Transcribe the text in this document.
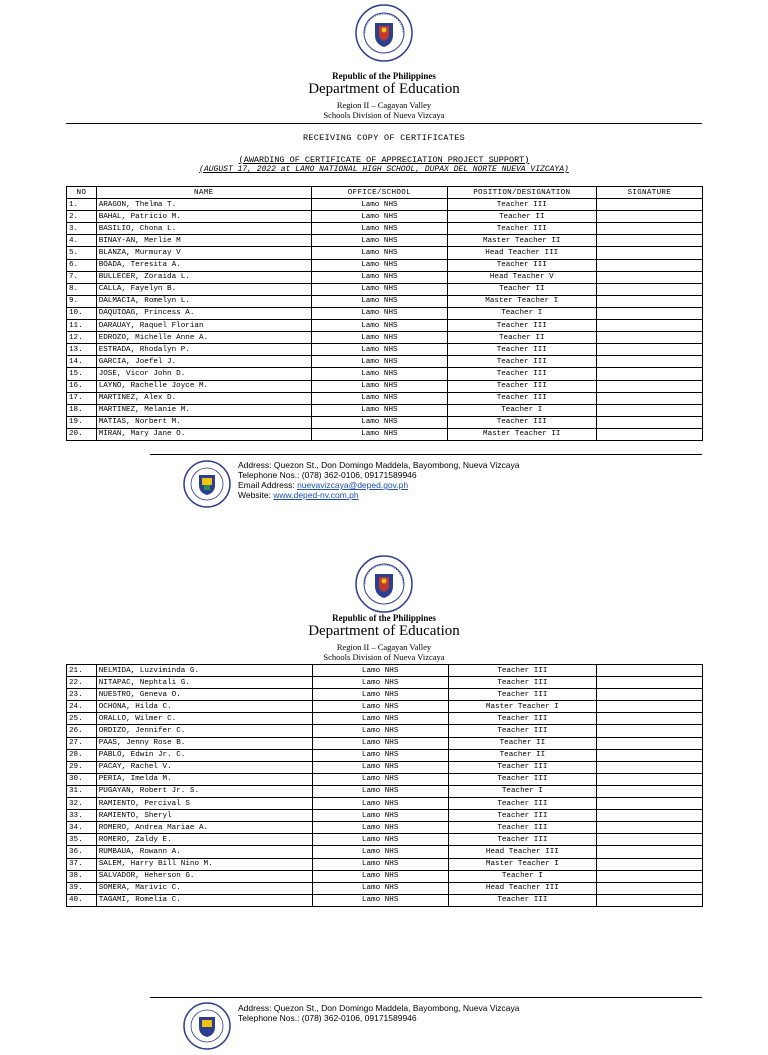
Republic of the Philippines
Department of Education
Region II – Cagayan Valley
Schools Division of Nueva Vizcaya
RECEIVING COPY OF CERTIFICATES
(AWARDING OF CERTIFICATE OF APPRECIATION PROJECT SUPPORT)
(AUGUST 17, 2022 at LAMO NATIONAL HIGH SCHOOL, DUPAX DEL NORTE NUEVA VIZCAYA)
NO	NAME	OFFICE/SCHOOL	POSITION/DESIGNATION	SIGNATURE
1.	ARAGON, Thelma T.	Lamo NHS	Teacher III	
2.	BAHAL, Patricio M.	Lamo NHS	Teacher II	
3.	BASILIO, Chona L.	Lamo NHS	Teacher III	
4.	BINAY-AN, Merlie M	Lamo NHS	Master Teacher II	
5.	BLANZA, Murmuray V	Lamo NHS	Head Teacher III	
6.	BOADA, Teresita A.	Lamo NHS	Teacher III	
7.	BULLECER, Zoraida L.	Lamo NHS	Head Teacher V	
8.	CALLA, Fayelyn B.	Lamo NHS	Teacher II	
9.	DALMACIA, Romelyn L.	Lamo NHS	Master Teacher I	
10.	DAQUIOAG, Princess A.	Lamo NHS	Teacher I	
11.	DARAUAY, Raquel Florian	Lamo NHS	Teacher III	
12.	EDROZO, Michelle Anne A.	Lamo NHS	Teacher II	
13.	ESTRADA, Rhodalyn P.	Lamo NHS	Teacher III	
14.	GARCIA, Joefel J.	Lamo NHS	Teacher III	
15.	JOSE, Vicor John D.	Lamo NHS	Teacher III	
16.	LAYNO, Rachelle Joyce M.	Lamo NHS	Teacher III	
17.	MARTINEZ, Alex D.	Lamo NHS	Teacher III	
18.	MARTINEZ, Melanie M.	Lamo NHS	Teacher I	
19.	MATIAS, Norbert M.	Lamo NHS	Teacher III	
20.	MIRAN, Mary Jane O.	Lamo NHS	Master Teacher II	
Address: Quezon St., Don Domingo Maddela, Bayombong, Nueva Vizcaya
Telephone Nos.: (078) 362-0106, 09171589946
Email Address: nuevavizcaya@deped.gov.ph
Website: www.deped-nv.com.ph
Republic of the Philippines
Department of Education
Region II – Cagayan Valley
Schools Division of Nueva Vizcaya
21.	NELMIDA, Luzviminda G.	Lamo NHS	Teacher III	
22.	NITAPAC, Nephtali G.	Lamo NHS	Teacher III	
23.	NUESTRO, Geneva O.	Lamo NHS	Teacher III	
24.	OCHONA, Hilda C.	Lamo NHS	Master Teacher I	
25.	ORALLO, Wilmer C.	Lamo NHS	Teacher III	
26.	ORDIZO, Jennifer C.	Lamo NHS	Teacher III	
27.	PAAS, Jenny Rose B.	Lamo NHS	Teacher II	
28.	PABLO, Edwin Jr. C.	Lamo NHS	Teacher II	
29.	PACAY, Rachel V.	Lamo NHS	Teacher III	
30.	PERIA, Imelda M.	Lamo NHS	Teacher III	
31.	PUGAYAN, Robert Jr. S.	Lamo NHS	Teacher I	
32.	RAMIENTO, Percival S	Lamo NHS	Teacher III	
33.	RAMIENTO, Sheryl	Lamo NHS	Teacher III	
34.	ROMERO, Andrea Mariae A.	Lamo NHS	Teacher III	
35.	ROMERO, Zaldy E.	Lamo NHS	Teacher III	
36.	RUMBAUA, Rowann A.	Lamo NHS	Head Teacher III	
37.	SALEM, Harry Bill Nino M.	Lamo NHS	Master Teacher I	
38.	SALVADOR, Heherson G.	Lamo NHS	Teacher I	
39.	SOMERA, Marivic C.	Lamo NHS	Head Teacher III	
40.	TAGAMI, Romelia C.	Lamo NHS	Teacher III	
Address: Quezon St., Don Domingo Maddela, Bayombong, Nueva Vizcaya
Telephone Nos.: (078) 362-0106, 09171589946
